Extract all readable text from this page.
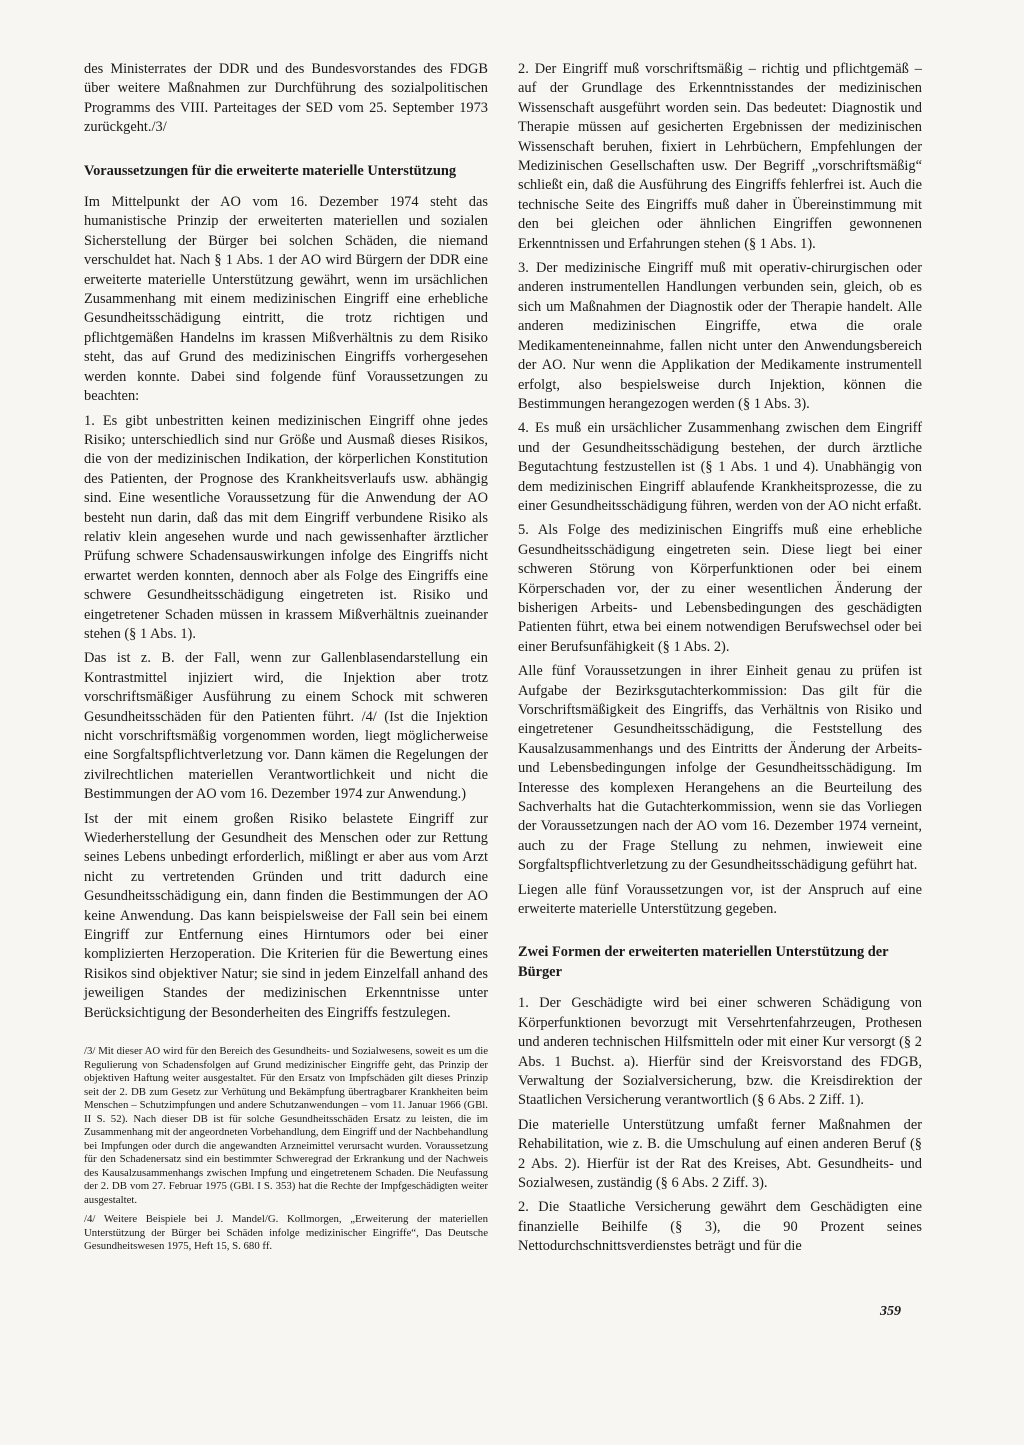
des Ministerrates der DDR und des Bundesvorstandes des FDGB über weitere Maßnahmen zur Durchführung des sozialpolitischen Programms des VIII. Parteitages der SED vom 25. September 1973 zurückgeht./3/

Voraussetzungen für die erweiterte materielle Unterstützung

Im Mittelpunkt der AO vom 16. Dezember 1974 steht das humanistische Prinzip der erweiterten materiellen und sozialen Sicherstellung der Bürger bei solchen Schäden, die niemand verschuldet hat. Nach § 1 Abs. 1 der AO wird Bürgern der DDR eine erweiterte materielle Unterstützung gewährt, wenn im ursächlichen Zusammenhang mit einem medizinischen Eingriff eine erhebliche Gesundheitsschädigung eintritt, die trotz richtigen und pflichtgemäßen Handelns im krassen Mißverhältnis zu dem Risiko steht, das auf Grund des medizinischen Eingriffs vorhergesehen werden konnte. Dabei sind folgende fünf Voraussetzungen zu beachten:

1. Es gibt unbestritten keinen medizinischen Eingriff ohne jedes Risiko; unterschiedlich sind nur Größe und Ausmaß dieses Risikos, die von der medizinischen Indikation, der körperlichen Konstitution des Patienten, der Prognose des Krankheitsverlaufs usw. abhängig sind. Eine wesentliche Voraussetzung für die Anwendung der AO besteht nun darin, daß das mit dem Eingriff verbundene Risiko als relativ klein angesehen wurde und nach gewissenhafter ärztlicher Prüfung schwere Schadensauswirkungen infolge des Eingriffs nicht erwartet werden konnten, dennoch aber als Folge des Eingriffs eine schwere Gesundheitsschädigung eingetreten ist. Risiko und eingetretener Schaden müssen in krassem Mißverhältnis zueinander stehen (§ 1 Abs. 1).

Das ist z. B. der Fall, wenn zur Gallenblasendarstellung ein Kontrastmittel injiziert wird, die Injektion aber trotz vorschriftsmäßiger Ausführung zu einem Schock mit schweren Gesundheitsschäden für den Patienten führt. /4/ (Ist die Injektion nicht vorschriftsmäßig vorgenommen worden, liegt möglicherweise eine Sorgfaltspflichtverletzung vor. Dann kämen die Regelungen der zivilrechtlichen materiellen Verantwortlichkeit und nicht die Bestimmungen der AO vom 16. Dezember 1974 zur Anwendung.)

Ist der mit einem großen Risiko belastete Eingriff zur Wiederherstellung der Gesundheit des Menschen oder zur Rettung seines Lebens unbedingt erforderlich, mißlingt er aber aus vom Arzt nicht zu vertretenden Gründen und tritt dadurch eine Gesundheitsschädigung ein, dann finden die Bestimmungen der AO keine Anwendung. Das kann beispielsweise der Fall sein bei einem Eingriff zur Entfernung eines Hirntumors oder bei einer komplizierten Herzoperation. Die Kriterien für die Bewertung eines Risikos sind objektiver Natur; sie sind in jedem Einzelfall anhand des jeweiligen Standes der medizinischen Erkenntnisse unter Berücksichtigung der Besonderheiten des Eingriffs festzulegen.

/3/ Mit dieser AO wird für den Bereich des Gesundheits- und Sozialwesens, soweit es um die Regulierung von Schadensfolgen auf Grund medizinischer Eingriffe geht, das Prinzip der objektiven Haftung weiter ausgestaltet. Für den Ersatz von Impfschäden gilt dieses Prinzip seit der 2. DB zum Gesetz zur Verhütung und Bekämpfung übertragbarer Krankheiten beim Menschen – Schutzimpfungen und andere Schutzanwendungen – vom 11. Januar 1966 (GBl. II S. 52). Nach dieser DB ist für solche Gesundheitsschäden Ersatz zu leisten, die im Zusammenhang mit der angeordneten Vorbehandlung, dem Eingriff und der Nachbehandlung bei Impfungen oder durch die angewandten Arzneimittel verursacht wurden. Voraussetzung für den Schadenersatz sind ein bestimmter Schweregrad der Erkrankung und der Nachweis des Kausalzusammenhangs zwischen Impfung und eingetretenem Schaden. Die Neufassung der 2. DB vom 27. Februar 1975 (GBl. I S. 353) hat die Rechte der Impfgeschädigten weiter ausgestaltet.

/4/ Weitere Beispiele bei J. Mandel/G. Kollmorgen, „Erweiterung der materiellen Unterstützung der Bürger bei Schäden infolge medizinischer Eingriffe“, Das Deutsche Gesundheitswesen 1975, Heft 15, S. 680 ff.

2. Der Eingriff muß vorschriftsmäßig – richtig und pflichtgemäß – auf der Grundlage des Erkenntnisstandes der medizinischen Wissenschaft ausgeführt worden sein. Das bedeutet: Diagnostik und Therapie müssen auf gesicherten Ergebnissen der medizinischen Wissenschaft beruhen, fixiert in Lehrbüchern, Empfehlungen der Medizinischen Gesellschaften usw. Der Begriff „vorschriftsmäßig“ schließt ein, daß die Ausführung des Eingriffs fehlerfrei ist. Auch die technische Seite des Eingriffs muß daher in Übereinstimmung mit den bei gleichen oder ähnlichen Eingriffen gewonnenen Erkenntnissen und Erfahrungen stehen (§ 1 Abs. 1).

3. Der medizinische Eingriff muß mit operativ-chirurgischen oder anderen instrumentellen Handlungen verbunden sein, gleich, ob es sich um Maßnahmen der Diagnostik oder der Therapie handelt. Alle anderen medizinischen Eingriffe, etwa die orale Medikamenteneinnahme, fallen nicht unter den Anwendungsbereich der AO. Nur wenn die Applikation der Medikamente instrumentell erfolgt, also bespielsweise durch Injektion, können die Bestimmungen herangezogen werden (§ 1 Abs. 3).

4. Es muß ein ursächlicher Zusammenhang zwischen dem Eingriff und der Gesundheitsschädigung bestehen, der durch ärztliche Begutachtung festzustellen ist (§ 1 Abs. 1 und 4). Unabhängig von dem medizinischen Eingriff ablaufende Krankheitsprozesse, die zu einer Gesundheitsschädigung führen, werden von der AO nicht erfaßt.

5. Als Folge des medizinischen Eingriffs muß eine erhebliche Gesundheitsschädigung eingetreten sein. Diese liegt bei einer schweren Störung von Körperfunktionen oder bei einem Körperschaden vor, der zu einer wesentlichen Änderung der bisherigen Arbeits- und Lebensbedingungen des geschädigten Patienten führt, etwa bei einem notwendigen Berufswechsel oder bei einer Berufsunfähigkeit (§ 1 Abs. 2).

Alle fünf Voraussetzungen in ihrer Einheit genau zu prüfen ist Aufgabe der Bezirksgutachterkommission: Das gilt für die Vorschriftsmäßigkeit des Eingriffs, das Verhältnis von Risiko und eingetretener Gesundheitsschädigung, die Feststellung des Kausalzusammenhangs und des Eintritts der Änderung der Arbeits- und Lebensbedingungen infolge der Gesundheitsschädigung. Im Interesse des komplexen Herangehens an die Beurteilung des Sachverhalts hat die Gutachterkommission, wenn sie das Vorliegen der Voraussetzungen nach der AO vom 16. Dezember 1974 verneint, auch zu der Frage Stellung zu nehmen, inwieweit eine Sorgfaltspflichtverletzung zu der Gesundheitsschädigung geführt hat.

Liegen alle fünf Voraussetzungen vor, ist der Anspruch auf eine erweiterte materielle Unterstützung gegeben.

Zwei Formen der erweiterten materiellen Unterstützung der Bürger

1. Der Geschädigte wird bei einer schweren Schädigung von Körperfunktionen bevorzugt mit Versehrtenfahrzeugen, Prothesen und anderen technischen Hilfsmitteln oder mit einer Kur versorgt (§ 2 Abs. 1 Buchst. a). Hierfür sind der Kreisvorstand des FDGB, Verwaltung der Sozialversicherung, bzw. die Kreisdirektion der Staatlichen Versicherung verantwortlich (§ 6 Abs. 2 Ziff. 1).

Die materielle Unterstützung umfaßt ferner Maßnahmen der Rehabilitation, wie z. B. die Umschulung auf einen anderen Beruf (§ 2 Abs. 2). Hierfür ist der Rat des Kreises, Abt. Gesundheits- und Sozialwesen, zuständig (§ 6 Abs. 2 Ziff. 3).

2. Die Staatliche Versicherung gewährt dem Geschädigten eine finanzielle Beihilfe (§ 3), die 90 Prozent seines Nettodurchschnittsverdienstes beträgt und für die

359
